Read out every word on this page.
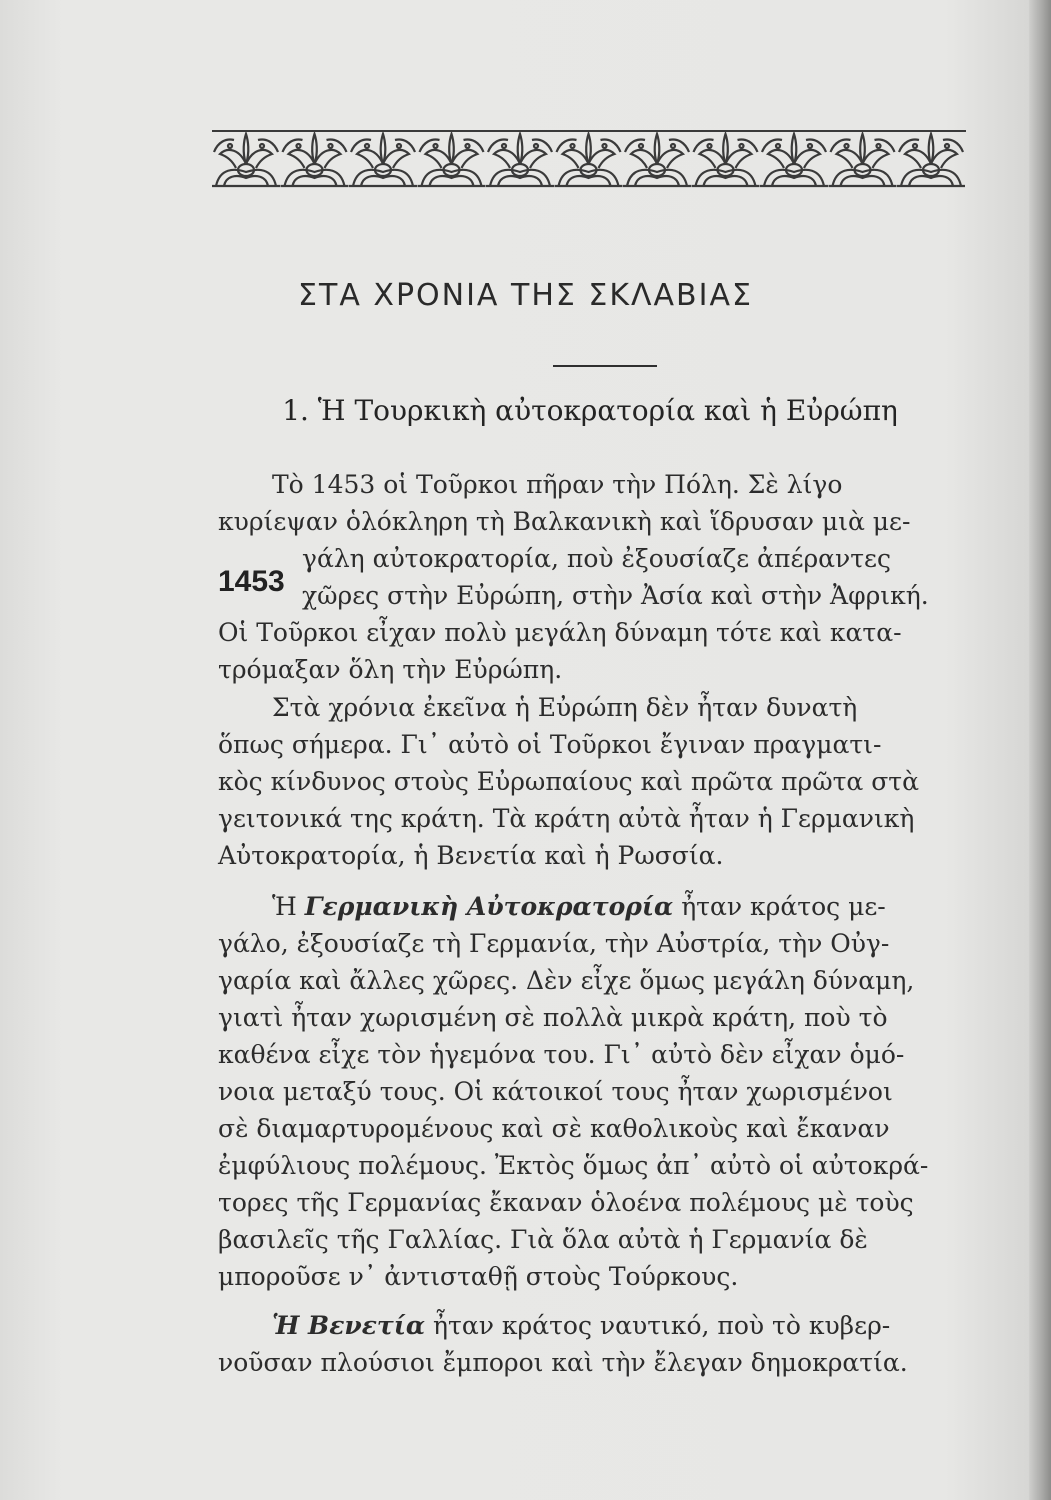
ΣΤΑ ΧΡΟΝΙΑ ΤΗΣ ΣΚΛΑΒΙΑΣ
1. Ἡ Τουρκικὴ αὐτοκρατορία καὶ ἡ Εὐρώπη
1453
Τὸ 1453 οἱ Τοῦρκοι πῆραν τὴν Πόλη. Σὲ λίγο
κυρίεψαν ὁλόκληρη τὴ Βαλκανικὴ καὶ ἵδρυσαν μιὰ με-
γάλη αὐτοκρατορία, ποὺ ἐξουσίαζε ἀπέραντες
χῶρες στὴν Εὐρώπη, στὴν Ἀσία καὶ στὴν Ἀφρική.
Οἱ Τοῦρκοι εἶχαν πολὺ μεγάλη δύναμη τότε καὶ κατα-
τρόμαξαν ὅλη τὴν Εὐρώπη.
Στὰ χρόνια ἐκεῖνα ἡ Εὐρώπη δὲν ἦταν δυνατὴ
ὅπως σήμερα. Γι᾽ αὐτὸ οἱ Τοῦρκοι ἔγιναν πραγματι-
κὸς κίνδυνος στοὺς Εὐρωπαίους καὶ πρῶτα πρῶτα στὰ
γειτονικά της κράτη. Τὰ κράτη αὐτὰ ἦταν ἡ Γερμανικὴ
Αὐτοκρατορία, ἡ Βενετία καὶ ἡ Ρωσσία.
Ἡ Γερμανικὴ Αὐτοκρατορία ἦταν κράτος με-
γάλο, ἐξουσίαζε τὴ Γερμανία, τὴν Αὐστρία, τὴν Οὐγ-
γαρία καὶ ἄλλες χῶρες. Δὲν εἶχε ὅμως μεγάλη δύναμη,
γιατὶ ἦταν χωρισμένη σὲ πολλὰ μικρὰ κράτη, ποὺ τὸ
καθένα εἶχε τὸν ἡγεμόνα του. Γι᾽ αὐτὸ δὲν εἶχαν ὁμό-
νοια μεταξύ τους. Οἱ κάτοικοί τους ἦταν χωρισμένοι
σὲ διαμαρτυρομένους καὶ σὲ καθολικοὺς καὶ ἔκαναν
ἐμφύλιους πολέμους. Ἐκτὸς ὅμως ἀπ᾽ αὐτὸ οἱ αὐτοκρά-
τορες τῆς Γερμανίας ἔκαναν ὁλοένα πολέμους μὲ τοὺς
βασιλεῖς τῆς Γαλλίας. Γιὰ ὅλα αὐτὰ ἡ Γερμανία δὲ
μποροῦσε ν᾽ ἀντισταθῇ στοὺς Τούρκους.
Ἡ Βενετία ἦταν κράτος ναυτικό, ποὺ τὸ κυβερ-
νοῦσαν πλούσιοι ἔμποροι καὶ τὴν ἔλεγαν δημοκρατία.
